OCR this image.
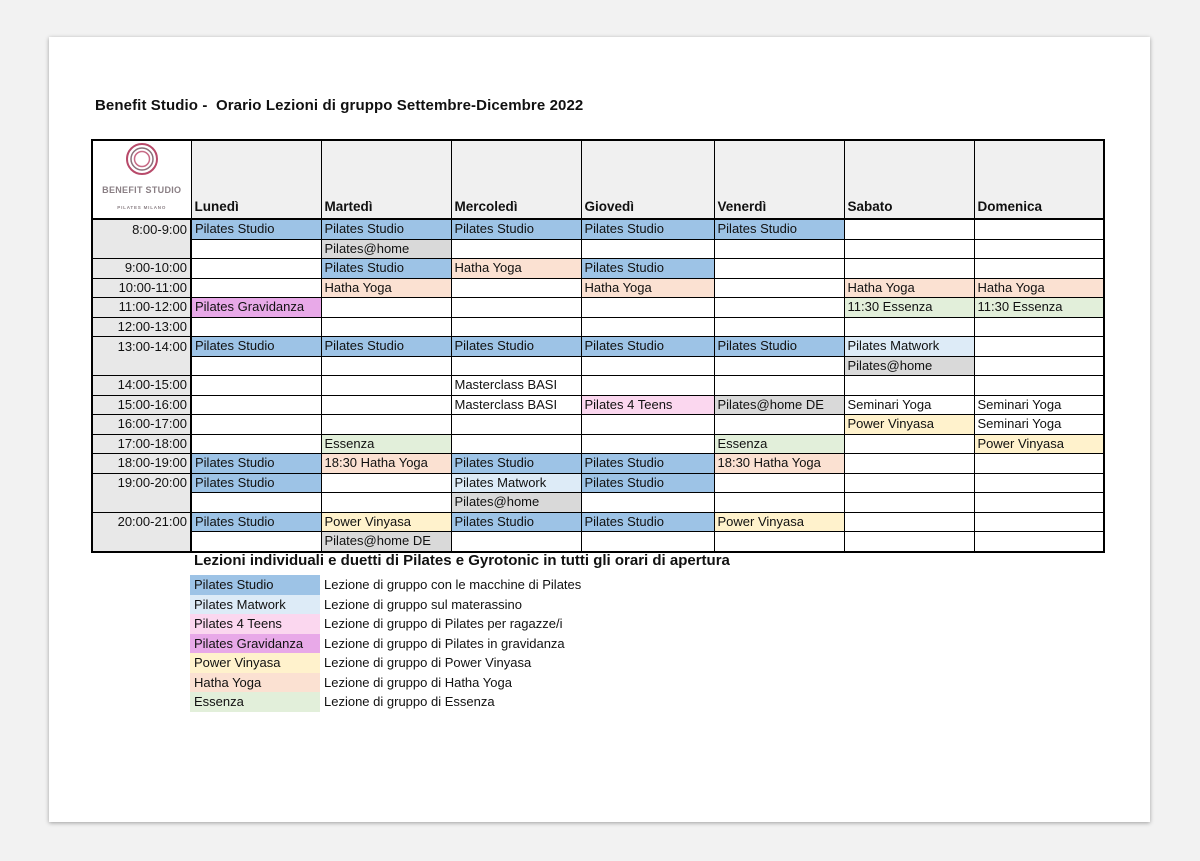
Benefit Studio -  Orario Lezioni di gruppo Settembre-Dicembre 2022
BENEFIT STUDIO
PILATES MILANO	Lunedì	Martedì	Mercoledì	Giovedì	Venerdì	Sabato	Domenica
8:00-9:00	Pilates Studio	Pilates Studio	Pilates Studio	Pilates Studio	Pilates Studio		
		Pilates@home					
9:00-10:00		Pilates Studio	Hatha Yoga	Pilates Studio			
10:00-11:00		Hatha Yoga		Hatha Yoga		Hatha Yoga	Hatha Yoga
11:00-12:00	Pilates Gravidanza					11:30 Essenza	11:30 Essenza
12:00-13:00							
13:00-14:00	Pilates Studio	Pilates Studio	Pilates Studio	Pilates Studio	Pilates Studio	Pilates Matwork	
						Pilates@home	
14:00-15:00			Masterclass BASI				
15:00-16:00			Masterclass BASI	Pilates 4 Teens	Pilates@home DE	Seminari Yoga	Seminari Yoga
16:00-17:00						Power Vinyasa	Seminari Yoga
17:00-18:00		Essenza			Essenza		Power Vinyasa
18:00-19:00	Pilates Studio	18:30 Hatha Yoga	Pilates Studio	Pilates Studio	18:30 Hatha Yoga		
19:00-20:00	Pilates Studio		Pilates Matwork	Pilates Studio			
			Pilates@home				
20:00-21:00	Pilates Studio	Power Vinyasa	Pilates Studio	Pilates Studio	Power Vinyasa		
		Pilates@home DE					
Lezioni individuali e duetti di Pilates e Gyrotonic in tutti gli orari di apertura
Pilates Studio	Lezione di gruppo con le macchine di Pilates
Pilates Matwork	Lezione di gruppo sul materassino
Pilates 4 Teens	Lezione di gruppo di Pilates per ragazze/i
Pilates Gravidanza	Lezione di gruppo di Pilates in gravidanza
Power Vinyasa	Lezione di gruppo di Power Vinyasa
Hatha Yoga	Lezione di gruppo di Hatha Yoga
Essenza	Lezione di gruppo di Essenza
